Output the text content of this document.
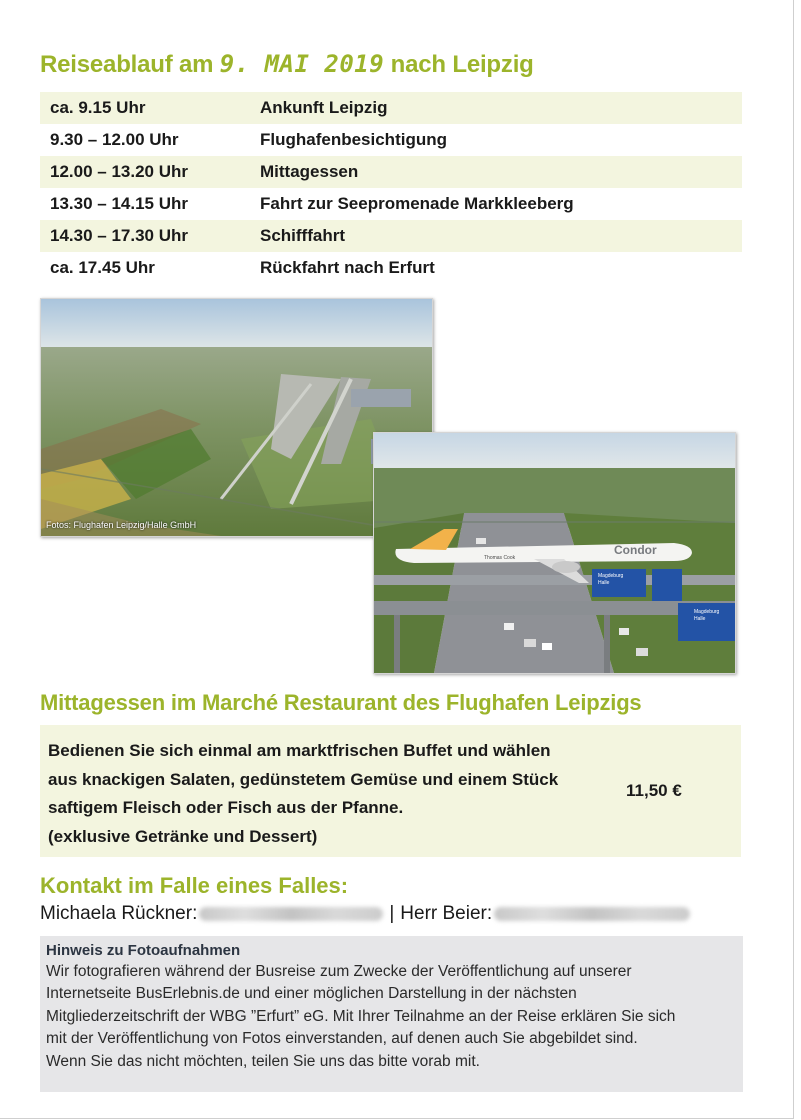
Reiseablauf am 9. MAI 2019 nach Leipzig
ca. 9.15 Uhr	Ankunft Leipzig
9.30 – 12.00 Uhr	Flughafenbesichtigung
12.00 – 13.20 Uhr	Mittagessen
13.30 – 14.15 Uhr	Fahrt zur Seepromenade Markkleeberg
14.30 – 17.30 Uhr	Schifffahrt
ca. 17.45 Uhr	Rückfahrt nach Erfurt
Fotos: Flughafen Leipzig/Halle GmbH
Condor
Thomas Cook
Magdeburg
Halle
Magdeburg
Halle
Mittagessen im Marché Restaurant des Flughafen Leipzigs
Bedienen Sie sich einmal am marktfrischen Buffet und wählen
aus knackigen Salaten, gedünstetem Gemüse und einem Stück
saftigem Fleisch oder Fisch aus der Pfanne.
(exklusive Getränke und Dessert)
11,50 €
Kontakt im Falle eines Falles:
Michaela Rückner:	| Herr Beier:
Hinweis zu Fotoaufnahmen
Wir fotografieren während der Busreise zum Zwecke der Veröffentlichung auf unserer
Internetseite BusErlebnis.de und einer möglichen Darstellung in der nächsten
Mitgliederzeitschrift der WBG ”Erfurt” eG. Mit Ihrer Teilnahme an der Reise erklären Sie sich
mit der Veröffentlichung von Fotos einverstanden, auf denen auch Sie abgebildet sind.
Wenn Sie das nicht möchten, teilen Sie uns das bitte vorab mit.
